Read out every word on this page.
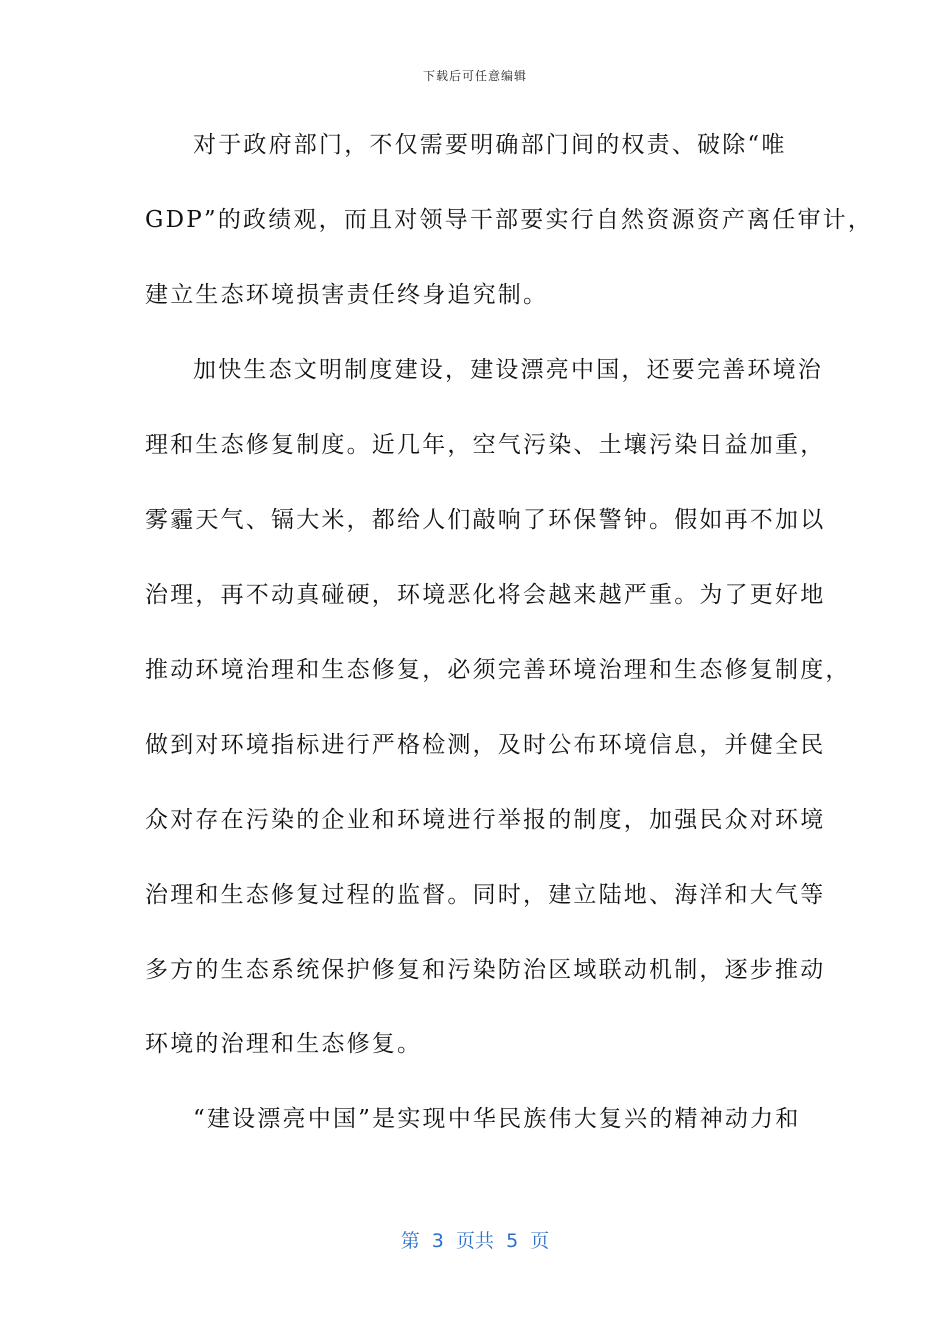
下载后可任意编辑
对于政府部门，不仅需要明确部门间的权责、破除“唯
GDP”的政绩观，而且对领导干部要实行自然资源资产离任审计，
建立生态环境损害责任终身追究制。
加快生态文明制度建设，建设漂亮中国，还要完善环境治
理和生态修复制度。近几年，空气污染、土壤污染日益加重，
雾霾天气、镉大米，都给人们敲响了环保警钟。假如再不加以
治理，再不动真碰硬，环境恶化将会越来越严重。为了更好地
推动环境治理和生态修复，必须完善环境治理和生态修复制度，
做到对环境指标进行严格检测，及时公布环境信息，并健全民
众对存在污染的企业和环境进行举报的制度，加强民众对环境
治理和生态修复过程的监督。同时，建立陆地、海洋和大气等
多方的生态系统保护修复和污染防治区域联动机制，逐步推动
环境的治理和生态修复。
“建设漂亮中国”是实现中华民族伟大复兴的精神动力和
第 3 页共 5 页
